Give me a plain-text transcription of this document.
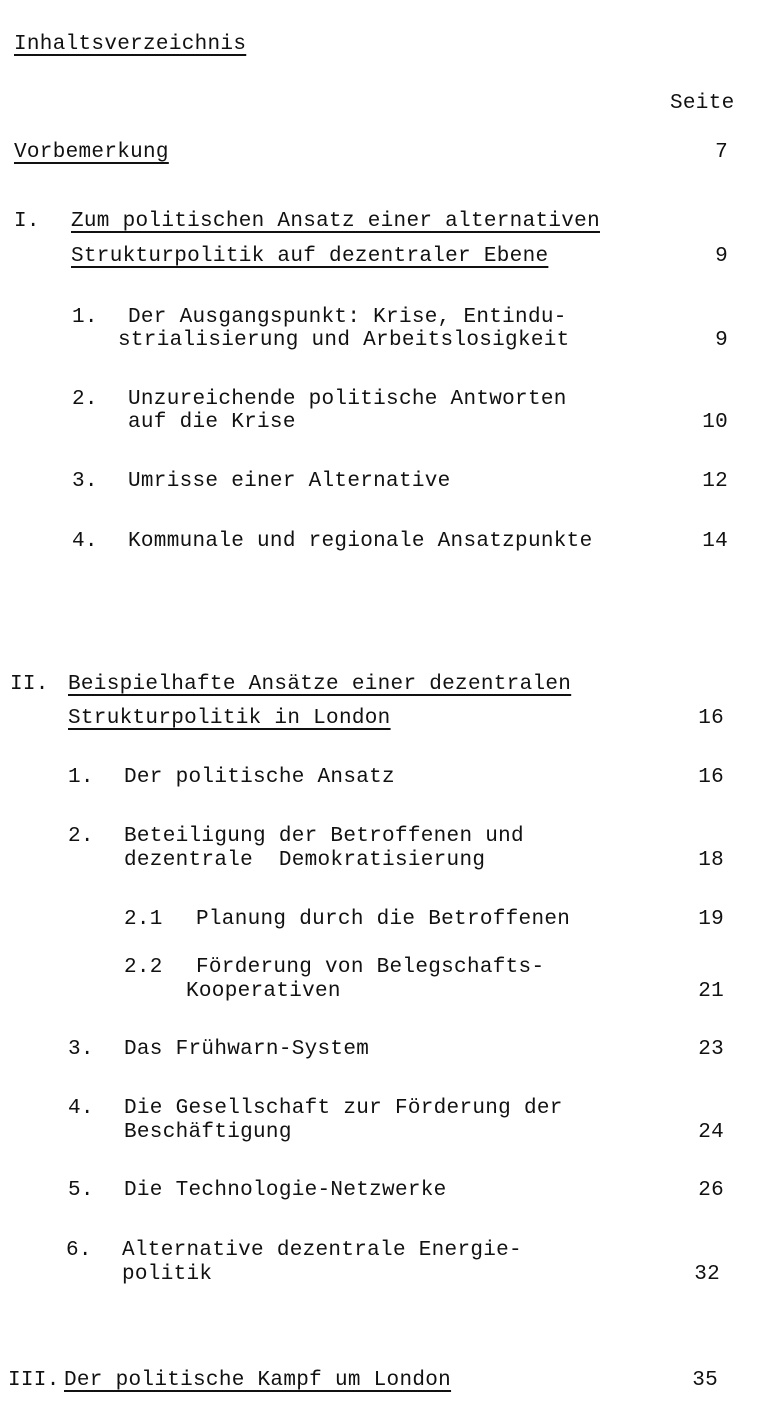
Inhaltsverzeichnis
Seite
Vorbemerkung	7
I. Zum politischen Ansatz einer alternativen
Strukturpolitik auf dezentraler Ebene	9
1. Der Ausgangspunkt: Krise, Entindu-
strialisierung und Arbeitslosigkeit	9
2. Unzureichende politische Antworten
auf die Krise	10
3. Umrisse einer Alternative	12
4. Kommunale und regionale Ansatzpunkte	14
II. Beispielhafte Ansätze einer dezentralen
Strukturpolitik in London	16
1. Der politische Ansatz	16
2. Beteiligung der Betroffenen und
dezentrale  Demokratisierung	18
2.1 Planung durch die Betroffenen	19
2.2 Förderung von Belegschafts-
Kooperativen	21
3. Das Frühwarn-System	23
4. Die Gesellschaft zur Förderung der
Beschäftigung	24
5. Die Technologie-Netzwerke	26
6. Alternative dezentrale Energie-
politik	32
III. Der politische Kampf um London	35
